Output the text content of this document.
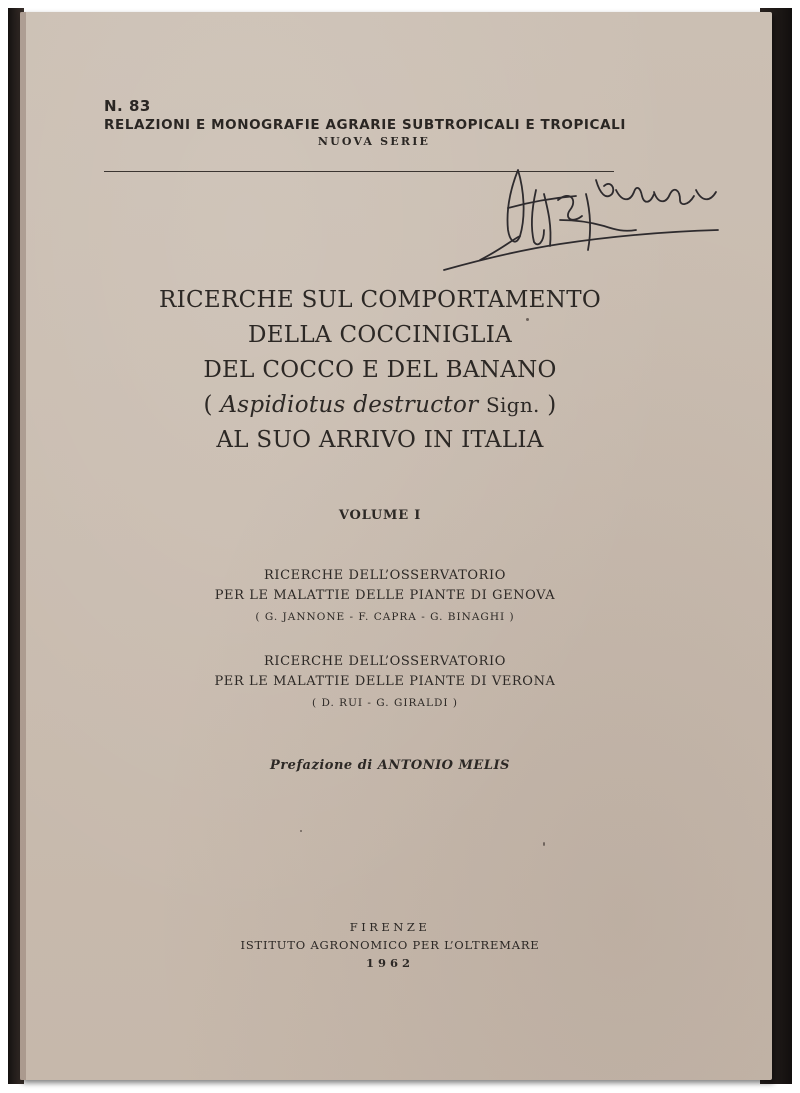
N. 83
RELAZIONI E MONOGRAFIE AGRARIE SUBTROPICALI E TROPICALI
NUOVA SERIE
RICERCHE SUL COMPORTAMENTO
DELLA COCCINIGLIA
DEL COCCO E DEL BANANO
( Aspidiotus destructor Sign. )
AL SUO ARRIVO IN ITALIA
VOLUME I
RICERCHE DELL’OSSERVATORIO
PER LE MALATTIE DELLE PIANTE DI GENOVA
( G. JANNONE - F. CAPRA - G. BINAGHI )
RICERCHE DELL’OSSERVATORIO
PER LE MALATTIE DELLE PIANTE DI VERONA
( D. RUI - G. GIRALDI )
Prefazione di ANTONIO MELIS
FIRENZE
ISTITUTO AGRONOMICO PER L’OLTREMARE
1962
